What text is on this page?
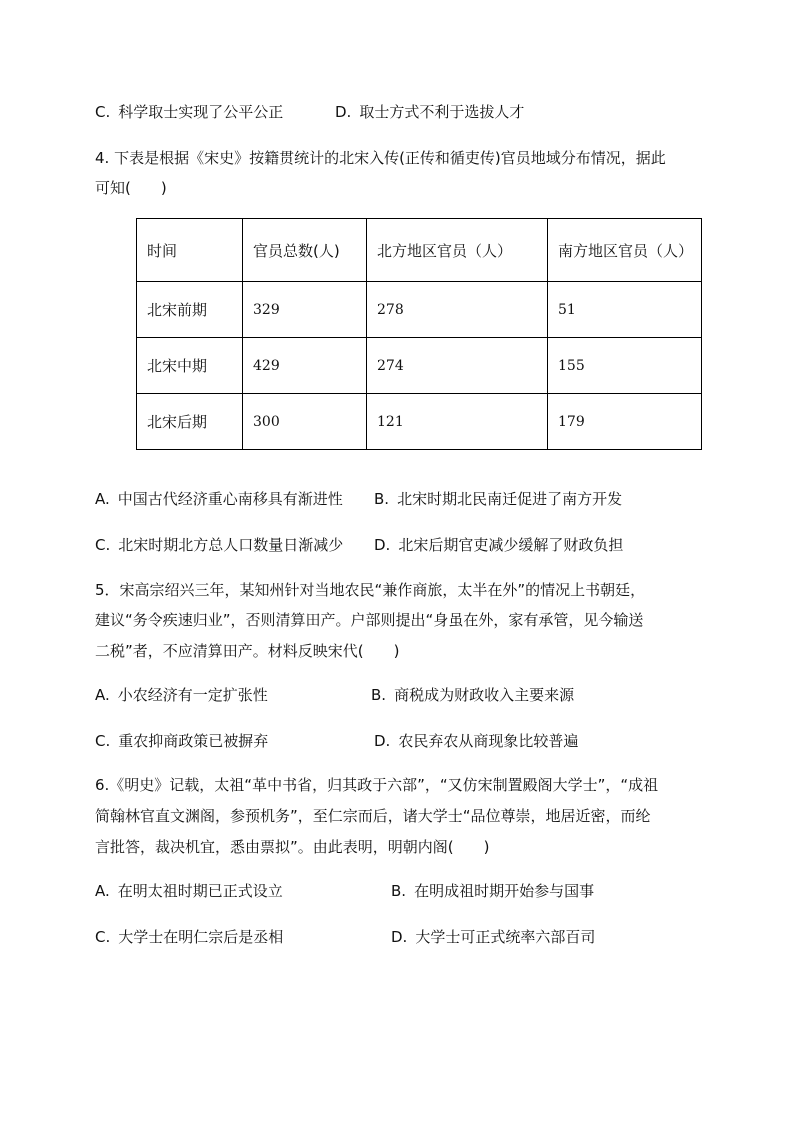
C. 科学取士实现了公平公正	D. 取士方式不利于选拔人才
4. 下表是根据《宋史》按籍贯统计的北宋入传(正传和循吏传)官员地域分布情况，据此
可知(　　)
时间	官员总数(人)	北方地区官员（人）	南方地区官员（人）
北宋前期	329	278	51
北宋中期	429	274	155
北宋后期	300	121	179
A. 中国古代经济重心南移具有渐进性 B. 北宋时期北民南迁促进了南方开发
C. 北宋时期北方总人口数量日渐减少 D. 北宋后期官吏减少缓解了财政负担
5．宋高宗绍兴三年，某知州针对当地农民“兼作商旅，太半在外”的情况上书朝廷，
建议“务令疾速归业”，否则清算田产。户部则提出“身虽在外，家有承管，见今输送
二税”者，不应清算田产。材料反映宋代(　　)
A. 小农经济有一定扩张性	B. 商税成为财政收入主要来源
C. 重农抑商政策已被摒弃	D. 农民弃农从商现象比较普遍
6.《明史》记载，太祖“革中书省，归其政于六部”，“又仿宋制置殿阁大学士”，“成祖
简翰林官直文渊阁，参预机务”，至仁宗而后，诸大学士“品位尊崇，地居近密，而纶
言批答，裁决机宜，悉由票拟”。由此表明，明朝内阁(　　)
A. 在明太祖时期已正式设立	B. 在明成祖时期开始参与国事
C. 大学士在明仁宗后是丞相	D. 大学士可正式统率六部百司
